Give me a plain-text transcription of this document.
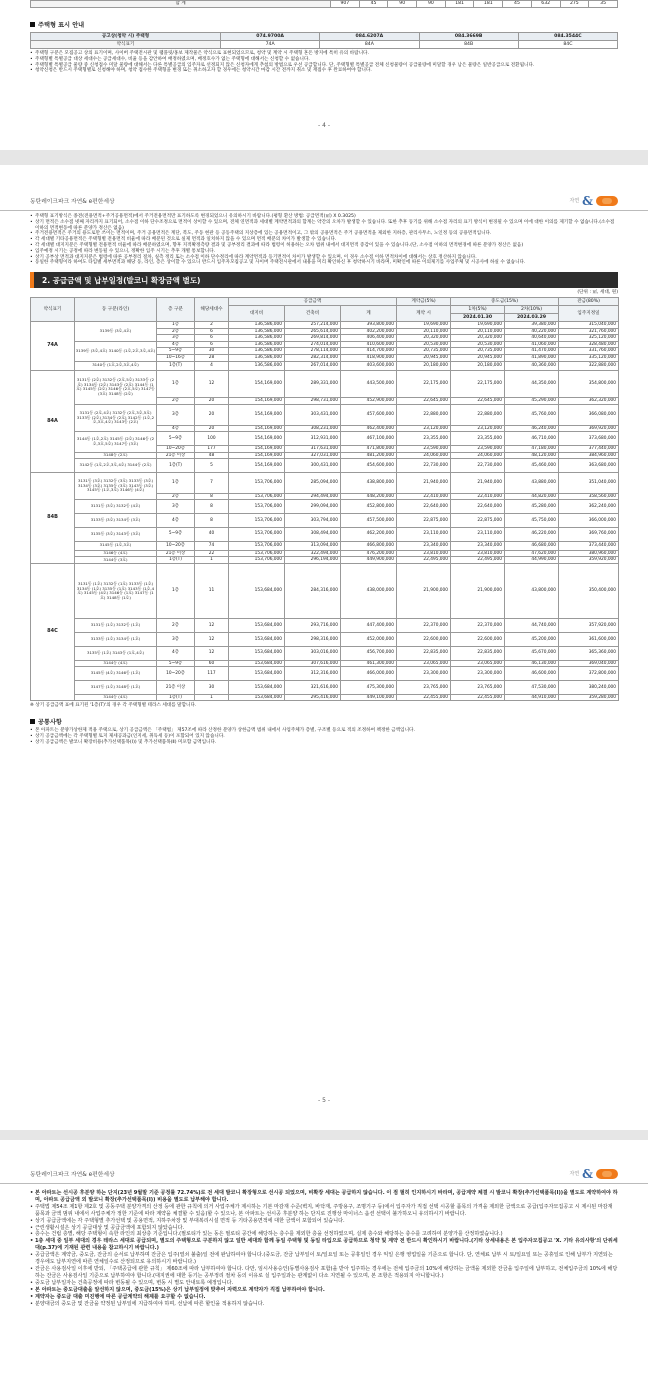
합 계	907	45	90	90	181	181	45	632	275	35
주택형 표시 안내
공고상(청약 시) 주택형	074.9700A	084.6207A	084.3669B	084.3544C
약식표기	74A	84A	84B	84C
• 주택형 구분은 모집공고 상의 표기이며, 사이버 주택전시관 및 팸플릿/홍보 제작물은 약식으로 표현되었으므로, 청약 및 계약 시 주택형 혼돈 방지에 특히 유의 바랍니다.
• 주택형별 특별공급 대상 세대수는 공급세대수, 비율 등을 감안하여 배정하였으며, 배정호수가 없는 주택형에 대해서는 신청할 수 없습니다.
• 주택형별 특별공급 물량 중 신청접수 미달 물량에 대해서는 다른 특별공급의 입주자로 선정되지 않은 신청자에게 추첨의 방법으로 우선 공급합니다. 단, 주택형별 특별공급 전체 신청물량이 공급물량에 미달할 경우 남은 물량은 일반공급으로 전환됩니다.
• 청약신청은 반드시 주택형별로 신청해야 하며, 청약 접수한 주택형을 변경 또는 취소하고자 할 경우에는 청약시간 마감 시간 전까지 취소 및 재접수 후 완료하여야 합니다.
- 4 -
동탄레이크파크 자연& e편한세상	자연 &
• 주택형 표기방식은 종전(전용면적+주거공용면적)에서 주거전용면적만 표기하도록 변경되었으니 유의하시기 바랍니다.(평형 환산 방법: 공급면적(㎡) X 0.3025)
• 상기 면적은 소수점 넷째 자리까지 표기되어, 소수점 이하 단수조정으로 면적이 상이할 수 있으며, 전체 연면적과 세대별 계약면적과의 합계는 약간의 오차가 발생할 수 있습니다. 또한 추후 등기를 위해 소수점 자리의 표기 방식이 변경될 수 있으며 이에 대한 이의를 제기할 수 없습니다.(소수점 이하의 면적변동에 따른 분양가 정산은 없음)
• 주거전용면적은 주거의 용도로만 쓰이는 면적이며, 주거 공용면적은 계단, 복도, 주동 현관 등 공동주택의 지상층에 있는 공용면적이고, 그 밖의 공용면적은 주거 공용면적을 제외한 지하층, 관리사무소, 노인정 등의 공용면적입니다.
• 각 세대별 기타공용면적은 주택형별 전용면적 비율에 따라 배분된 것으로 실제 면적과 일치하지 않을 수 있으며 면적 배분의 차이가 발생할 수 있습니다.
• 각 세대별 대지지분은 주택형별 전용면적 비율에 따라 배분하였으며, 향후 지적확정측량 결과 및 공부정리 결과에 따라 법령이 허용하는 오차 범위 내에서 대지면적 증감이 있을 수 있습니다.(단, 소수점 이하의 면적변경에 따른 분양가 정산은 없음)
• 입주예정 시기는 공정에 따라 변동될 수 있으니, 정확한 입주 시기는 추후 개별 통보합니다.
• 상기 공부상 면적과 대지지분은 법령에 따른 공부정리 절차, 실측 정리 또는 소수점 이하 단수정리에 따라 계약면적과 등기면적이 차이가 발생할 수 있으며, 이 경우 소수점 이하 면적차이에 대해서는 상호 정산하지 않습니다.
• 동일한 주택형이라 하여도 타입별 세부면적과 해당 동, 라인, 층은 상이할 수 있으니 반드시 입주자모집공고 및 사이버 주택전시관에서 내용을 미리 확인하신 후 청약하시기 바라며, 미확인에 따른 이의제기를 사업주체 및 시공사에 하실 수 없습니다.
2. 공급금액 및 납부일정(발코니 확장금액 별도)
(단위 : ㎡, 세대, 원)
약식표기	동 구분(라인)	층 구분	해당세대수	공급금액			계약금(5%)	중도금(15%)		잔금(80%)
				대지비	건축비	계	계약 시	1차(5%)	2차(10%)	입주지정일
								2024.01.30	2024.03.29	
74A	3139동 (3호,4호)	1층	2	136,586,000	257,214,000	393,800,000	19,690,000	19,690,000	39,380,000	315,040,000
		2층	6	136,586,000	265,614,000	402,200,000	20,110,000	20,110,000	40,220,000	321,760,000
		3층	6	136,586,000	269,814,000	406,400,000	20,320,000	20,320,000	40,640,000	325,120,000
	3139동 (3호,4호) 3140동 (1호,2호,3호,4호)	4층	6	136,586,000	274,014,000	410,600,000	20,530,000	20,530,000	41,060,000	328,480,000
		5~9층	30	136,586,000	278,114,000	414,700,000	20,735,000	20,735,000	41,470,000	331,760,000
		10~16층	28	136,586,000	282,314,000	418,900,000	20,945,000	20,945,000	41,890,000	335,120,000
	3140동 (1호,2호,3호,4호)	1층(T)	4	136,586,000	267,014,000	403,600,000	20,180,000	20,180,000	40,360,000	322,880,000
84A	3131동 (2호) 3132동 (2호,5호) 3133동 (2호) 3134동 (2호) 3143동 (2호) 3144동 (1호) 3145동 (2호) 3146동 (2호,5호) 3147동 (3호) 3148동 (2호)	1층	12	154,169,000	289,331,000	443,500,000	22,175,000	22,175,000	44,350,000	354,800,000
		2층	20	154,169,000	298,731,000	452,900,000	22,645,000	22,645,000	45,290,000	362,320,000
	3131동 (2호,4호) 3132동 (2호,3호,5호) 3133동 (2호) 3134동 (2호) 3142동 (1호,2호,3호,4호) 3143동 (2호)	3층	20	154,169,000	303,431,000	457,600,000	22,880,000	22,880,000	45,760,000	366,080,000
		4층	20	154,169,000	308,231,000	462,400,000	23,120,000	23,120,000	46,240,000	369,920,000
	3144동 (1호,2호) 3145동 (2호) 3146동 (2호,3호,5호) 3147동 (3호)	5~9층	100	154,169,000	312,931,000	467,100,000	23,355,000	23,355,000	46,710,000	373,680,000
		10~20층	177	154,169,000	317,631,000	471,800,000	23,590,000	23,590,000	47,180,000	377,440,000
	3148동 (2호)	21층 이상	48	154,169,000	327,031,000	481,200,000	24,060,000	24,060,000	48,120,000	384,960,000
	3142동 (1호,2호,3호,4호) 3144동 (2호)	1층(T)	5	154,169,000	300,431,000	454,600,000	22,730,000	22,730,000	45,460,000	363,680,000
84B	3131동 (3호) 3132동 (3호) 3133동 (3호) 3134동 (3호) 3135동 (3호) 3143동 (3호) 3145동 (1호,3호) 3146동 (4호)	1층	7	153,706,000	285,094,000	438,800,000	21,940,000	21,940,000	43,880,000	351,040,000
		2층	8	153,706,000	294,494,000	448,200,000	22,410,000	22,410,000	44,820,000	358,560,000
	3131동 (3호) 3132동 (4호)	3층	8	153,706,000	299,094,000	452,800,000	22,640,000	22,640,000	45,280,000	362,240,000
	3133동 (3호) 3134동 (3호)	4층	8	153,706,000	303,794,000	457,500,000	22,875,000	22,875,000	45,750,000	366,000,000
	3135동 (3호) 3143동 (3호)	5~9층	40	153,706,000	308,494,000	462,200,000	23,110,000	23,110,000	46,220,000	369,760,000
	3145동 (1호,3호)	10~20층	74	153,706,000	313,094,000	466,800,000	23,340,000	23,340,000	46,680,000	373,440,000
	3146동 (4호)	21층 이상	22	153,706,000	322,494,000	476,200,000	23,810,000	23,810,000	47,620,000	380,960,000
	3144동 (3호)	1층(T)	1	153,706,000	296,194,000	449,900,000	22,495,000	22,495,000	44,990,000	359,920,000
84C	3131동 (1호) 3132동 (1호) 3133동 (1호) 3134동 (1호) 3135동 (1호) 3143동 (1호,4호) 3145동 (4호) 3146동 (1호) 3147동 (1호) 3148동 (1호)	1층	11	153,684,000	284,316,000	438,000,000	21,900,000	21,900,000	43,800,000	350,400,000
	3131동 (1호) 3132동 (1호)	2층	12	153,684,000	293,716,000	447,400,000	22,370,000	22,370,000	44,740,000	357,920,000
	3133동 (1호) 3134동 (1호)	3층	12	153,684,000	298,316,000	452,000,000	22,600,000	22,600,000	45,200,000	361,600,000
	3135동 (1호) 3143동 (1호,4호)	4층	12	153,684,000	303,016,000	456,700,000	22,835,000	22,835,000	45,670,000	365,360,000
	3144동 (4호)	5~9층	60	153,684,000	307,616,000	461,300,000	23,065,000	23,065,000	46,130,000	369,040,000
	3145동 (4호) 3146동 (1호)	10~20층	117	153,684,000	312,316,000	466,000,000	23,300,000	23,300,000	46,600,000	372,800,000
	3147동 (1호) 3148동 (1호)	21층 이상	30	153,684,000	321,616,000	475,300,000	23,765,000	23,765,000	47,530,000	380,240,000
	3144동 (4호)	1층(T)	1	153,684,000	295,416,000	449,100,000	22,455,000	22,455,000	44,910,000	359,280,000
※ 상기 공급금액 표에 표기된 '1층(T)'의 경우 각 주택형별 테라스 세대를 말합니다.
공통사항
• 본 아파트는 분양가상한제 적용 주택으로, 상기 공급금액은 「주택법」 제57조에 따라 산정한 분양가 상한금액 범위 내에서 사업주체가 층별, 구조별 등으로 적의 조정하여 책정한 금액입니다.
• 상기 공급금액에는 각 주택형별 토지 제세공과금(인지세, 취득세 등)이 포함되어 있지 않습니다.
• 상기 공급금액은 발코니 확장비용(추가선택품목(Ⅰ)) 및 추가선택품목(Ⅱ) 미포함 금액입니다.
- 5 -
동탄레이크파크 자연& e편한세상	자연 &
• 본 아파트는 선시공 후분양 하는 단지(23년 9월말 기준 공정률 72.74%)로 전 세대 발코니 확장형으로 선시공 되었으며, 비확장 세대는 공급하지 않습니다. 이 점 필히 인지하시기 바라며, 공급계약 체결 시 발코니 확장(추가선택품목(Ⅰ))을 별도로 계약하여야 하며, 아파트 공급금액 외 발코니 확장(추가선택품목(Ⅰ)) 비용을 별도로 납부해야 합니다.
• 주택법 제54조 제1항 제2호 및 공동주택 분양가격의 산정 등에 관한 규칙에 의거 사업주체가 제시하는 기본 마감재 수준(벽지, 바닥재, 주방용구, 조명기구 등)에서 입주자가 직접 선택 시공할 품목의 가격을 제외한 금액으로 공급(입주자모집공고 시 제시된 마감재 품목과 금액 범위 내에서 사업주체가 정한 기준에 따라 계약을 체결할 수 있음)할 수 있으나, 본 아파트는 선시공 후분양 하는 단지로 진행상 마이너스 옵션 선택이 불가하오니 유의하시기 바랍니다.
• 상기 공급금액에는 각 주택형별 추가선택 및 공용면적, 지하주차장 및 부대복리시설 면적 등 기타공용면적에 대한 금액이 포함되어 있습니다.
• 근린생활시설은 상기 공급대상 및 공급금액에 포함되지 않았습니다.
• 층수는 건립 층별, 해당 주택형이 속한 라인의 최상층 기준입니다.(필로티가 있는 동은 필로티 공간에 해당하는 층수를 제외한 층을 선정하였으며, 실제 층수와 해당하는 층수를 고려하여 분양가를 산정하였습니다.)
• 1층 세대 중 일부 세대의 경우 테라스 세대로 공급되며, 별도의 주택형으로 구분하지 않고 일반 세대와 함께 동일 주택형 및 동일 타입으로 공급하므로 청약 및 계약 전 반드시 확인하시기 바랍니다.(기타 상세내용은 본 입주자모집공고 'X. 기타 유의사항'의 단위세대(p.37)에 기재된 관련 내용을 참고하시기 바랍니다.)
• 공급금액은 계약금, 중도금, 잔금의 순서로 납부하며 잔금은 입주(열쇠 불출)일 전에 완납하여야 합니다.(중도금, 잔금 납부일이 토/일요일 또는 공휴일인 경우 익일 은행 영업일을 기준으로 합니다. 단, 연체료 납부 시 토/일요일 또는 공휴일로 인해 납부가 지연되는 경우에도 납부지연에 따른 연체일수로 산정되므로 유의하시기 바랍니다.)
• 잔금은 사용검사일 이후에 받되, 「주택공급에 관한 규칙」 제60조에 따라 납부하여야 합니다. 다만, 임시사용승인(동별사용검사 포함)을 받아 입주하는 경우에는 전체 입주금의 10%에 해당하는 금액을 제외한 잔금을 입주일에 납부하고, 전체입주금의 10%에 해당하는 잔금은 사용검사일 기준으로 납부하여야 합니다.(대지권에 대한 등기는 공부정리 절차 등의 이유로 실 입주일과는 관계없이 다소 지연될 수 있으며, 본 조항은 적용되지 아니합니다.)
• 중도금 납부일자는 건축공정에 따라 변동될 수 있으며, 변동 시 별도 안내토록 예정입니다.
• 본 아파트는 중도금대출을 알선하지 않으며, 중도금(15%)은 상기 납부일정에 맞추어 자력으로 계약자가 직접 납부하여야 합니다.
• 계약자는 중도금 대출 미진행에 따른 공급계약의 해제를 요구할 수 없습니다.
• 분양대금의 중도금 및 잔금을 약정된 납부일에 지급하여야 하며, 선납에 따른 할인을 적용하지 않습니다.
